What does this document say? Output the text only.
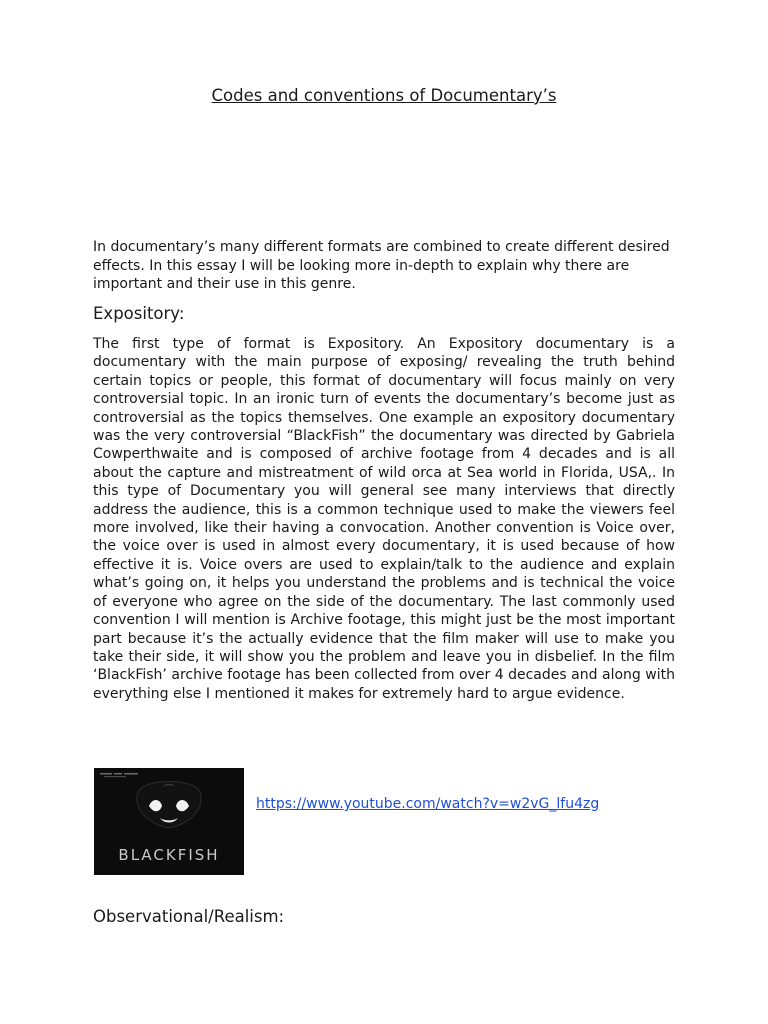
Codes and conventions of Documentary’s

In documentary’s many different formats are combined to create different desired effects. In this essay I will be looking more in-depth to explain why there are important and their use in this genre.

Expository:

The first type of format is Expository. An Expository documentary is a documentary with the main purpose of exposing/ revealing the truth behind certain topics or people, this format of documentary will focus mainly on very controversial topic. In an ironic turn of events the documentary’s become just as controversial as the topics themselves. One example an expository documentary was the very controversial “BlackFish” the documentary was directed by Gabriela Cowperthwaite and is composed of archive footage from 4 decades and is all about the capture and mistreatment of wild orca at Sea world in Florida, USA,. In this type of Documentary you will general see many interviews that directly address the audience, this is a common technique used to make the viewers feel more involved, like their having a convocation. Another convention is Voice over, the voice over is used in almost every documentary, it is used because of how effective it is. Voice overs are used to explain/talk to the audience and explain what’s going on, it helps you understand the problems and is technical the voice of everyone who agree on the side of the documentary. The last commonly used convention I will mention is Archive footage, this might just be the most important part because it’s the actually evidence that the film maker will use to make you take their side, it will show you the problem and leave you in disbelief. In the film ‘BlackFish’ archive footage has been collected from over 4 decades and along with everything else I mentioned it makes for extremely hard to argue evidence.

BLACKFISH
https://www.youtube.com/watch?v=w2vG_lfu4zg
Observational/Realism:
